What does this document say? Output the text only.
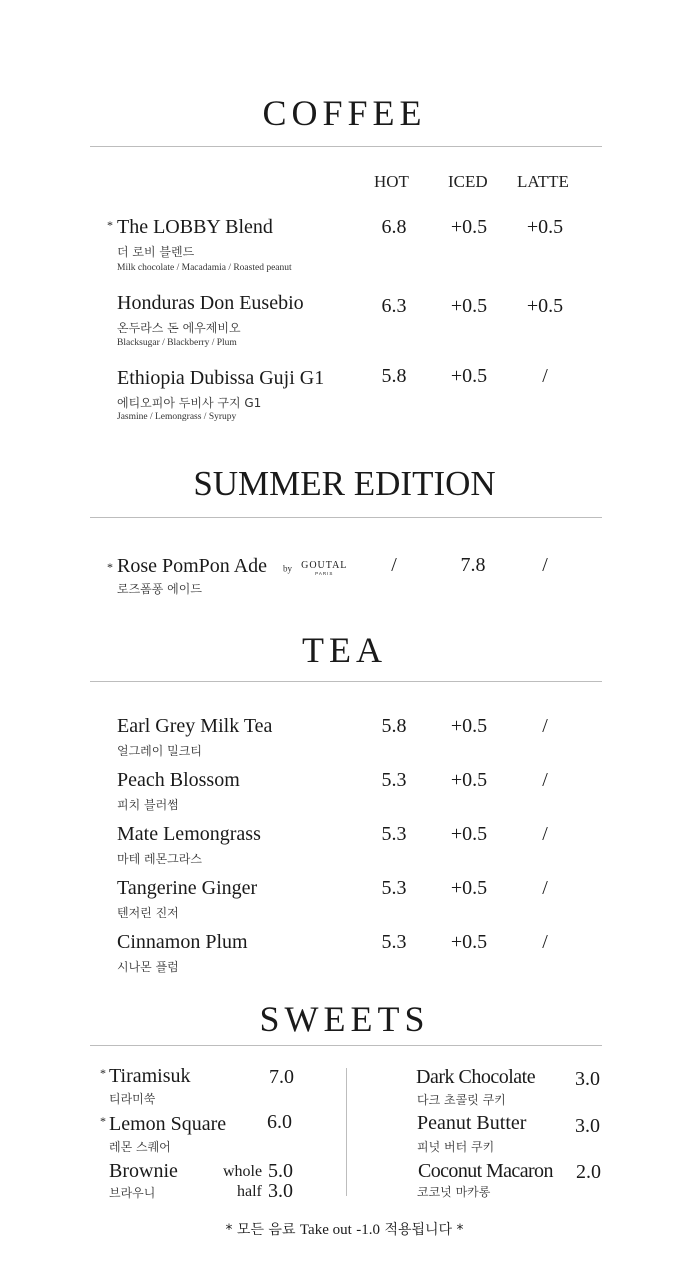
COFFEE
HOT ICED LATTE
* The LOBBY Blend
더 로비 블렌드
Milk chocolate / Macadamia / Roasted peanut
6.8	+0.5	+0.5
Honduras Don Eusebio
온두라스 돈 에우제비오
Blacksugar / Blackberry / Plum
6.3	+0.5	+0.5
Ethiopia Dubissa Guji G1
에티오피아 두비사 구지 G1
Jasmine / Lemongrass / Syrupy
5.8	+0.5	/
SUMMER EDITION
* Rose PomPon Ade by GOUTAL
PARIS
로즈폼퐁 에이드
/	7.8	/
TEA
Earl Grey Milk Tea
얼그레이 밀크티
5.8	+0.5	/
Peach Blossom
피치 블러썸
5.3	+0.5	/
Mate Lemongrass
마테 레몬그라스
5.3	+0.5	/
Tangerine Ginger
텐저린 진저
5.3	+0.5	/
Cinnamon Plum
시나몬 플럼
5.3	+0.5	/
SWEETS
* Tiramisuk
티라미쑥
7.0
* Lemon Square
레몬 스퀘어
6.0
Brownie
브라우니
whole 5.0
half 3.0
Dark Chocolate
다크 초콜릿 쿠키
3.0
Peanut Butter
피넛 버터 쿠키
3.0
Coconut Macaron
코코넛 마카롱
2.0
* 모든 음료 Take out -1.0 적용됩니다 *
